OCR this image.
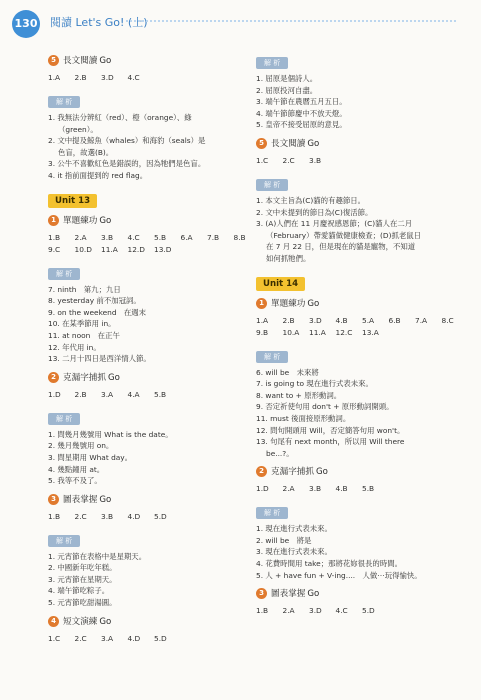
130 閱讀 Let's Go! (上)
5 長文閱讀 Go
1.A	2.B	3.D	4.C
解 析
1. 我無法分辨紅（red）、橙（orange）、綠
（green）。
2. 文中提及鯨魚（whales）和海豹（seals）是
色盲，故選(B)。
3. 公牛不喜歡紅色是錯誤的，因為牠們是色盲。
4. it 指前面提到的 red flag。
Unit 13
1 單題練功 Go
1.B	2.A	3.B	4.C	5.B	6.A	7.B	8.B
9.C	10.D	11.A	12.D	13.D
解 析
7. ninth　第九；九日
8. yesterday 前不加冠詞。
9. on the weekend　在週末
10. 在某季節用 in。
11. at noon　在正午
12. 年代用 in。
13. 二月十四日是西洋情人節。
2 克漏字捕抓 Go
1.D	2.B	3.A	4.A	5.B
解 析
1. 問幾月幾號用 What is the date。
2. 幾月幾號用 on。
3. 問星期用 What day。
4. 幾點鐘用 at。
5. 我等不及了。
3 圖表掌握 Go
1.B	2.C	3.B	4.D	5.D
解 析
1. 元宵節在表格中是星期天。
2. 中國新年吃年糕。
3. 元宵節在星期天。
4. 端午節吃粽子。
5. 元宵節吃甜湯圓。
4 短文演練 Go
1.C	2.C	3.A	4.D	5.D
解 析
1. 屈原是個詩人。
2. 屈原投河自盡。
3. 端午節在農曆五月五日。
4. 端午節節慶中不放天燈。
5. 皇帝不接受屈原的意見。
5 長文閱讀 Go
1.C	2.C	3.B
解 析
1. 本文主旨為(C)貓的有趣節日。
2. 文中未提到的節日為(C)復活節。
3. (A)人們在 11 月慶祝感恩節；(C)貓人在二月
（February）帶愛貓做健康檢查；(D)抓老鼠日
在 7 月 22 日，但是現在的貓是寵物，不知道
如何抓牠們。
Unit 14
1 單題練功 Go
1.A	2.B	3.D	4.B	5.A	6.B	7.A	8.C
9.B	10.A	11.A	12.C	13.A
解 析
6. will be　未來將
7. is going to 現在進行式表未來。
8. want to + 原形動詞。
9. 否定祈使句用 don't + 原形動詞開頭。
11. must 後面接原形動詞。
12. 問句開頭用 Will，否定簡答句用 won't。
13. 句尾有 next month，所以用 Will there
be...?。
2 克漏字捕抓 Go
1.D	2.A	3.B	4.B	5.B
解 析
1. 現在進行式表未來。
2. will be　將是
3. 現在進行式表未來。
4. 花費時間用 take；那將花妳很長的時間。
5. 人 + have fun + V-ing....　人做⋯玩得愉快。
3 圖表掌握 Go
1.B	2.A	3.D	4.C	5.D
